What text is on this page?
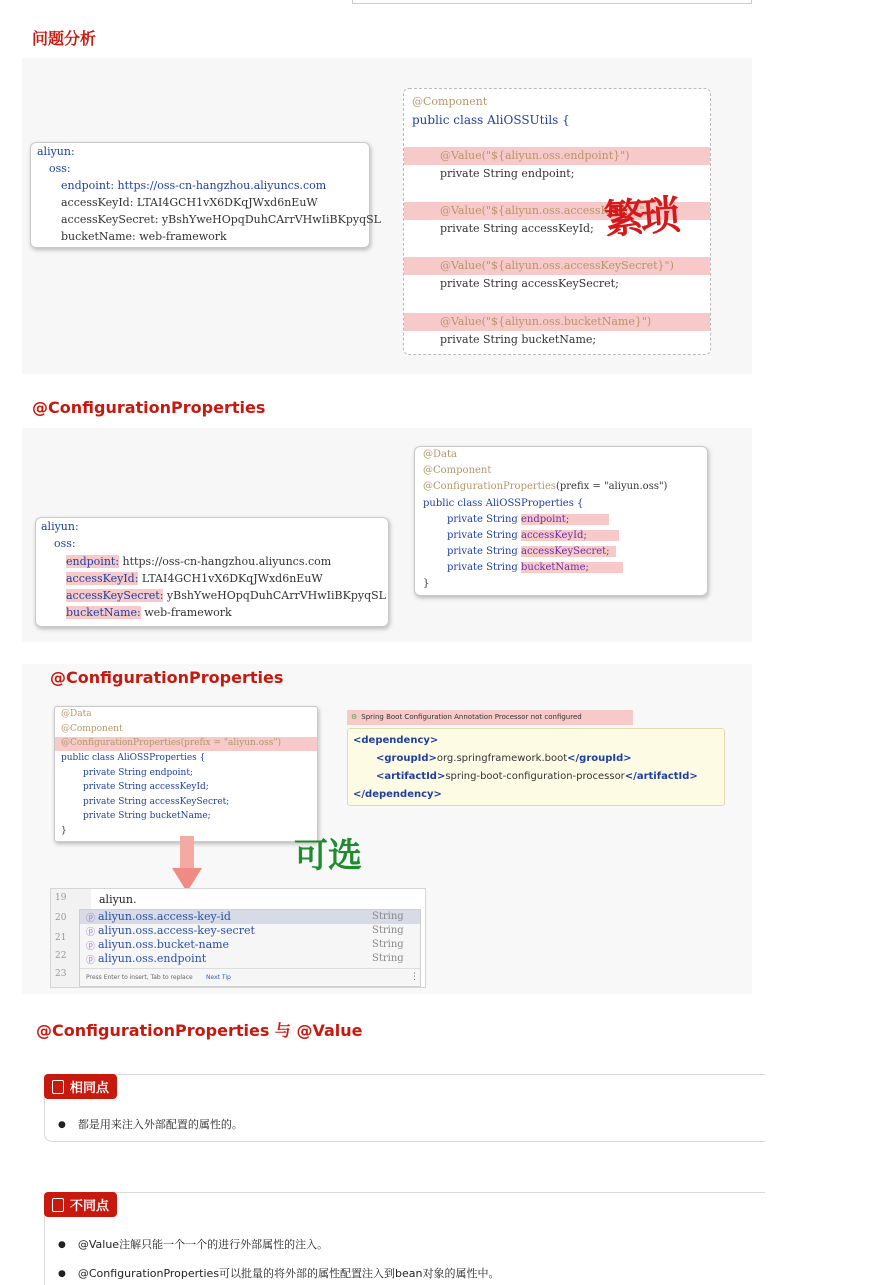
问题分析
aliyun:
oss:
endpoint: https://oss-cn-hangzhou.aliyuncs.com
accessKeyId: LTAI4GCH1vX6DKqJWxd6nEuW
accessKeySecret: yBshYweHOpqDuhCArrVHwIiBKpyqSL
bucketName: web-framework
@Component
public class AliOSSUtils {
@Value("${aliyun.oss.endpoint}")
private String endpoint;
@Value("${aliyun.oss.accessKeyId}")
private String accessKeyId;
@Value("${aliyun.oss.accessKeySecret}")
private String accessKeySecret;
@Value("${aliyun.oss.bucketName}")
private String bucketName;
繁琐
@ConfigurationProperties
aliyun:
oss:
endpoint: https://oss-cn-hangzhou.aliyuncs.com
accessKeyId: LTAI4GCH1vX6DKqJWxd6nEuW
accessKeySecret: yBshYweHOpqDuhCArrVHwIiBKpyqSL
bucketName: web-framework
@Data
@Component
@ConfigurationProperties(prefix = "aliyun.oss")
public class AliOSSProperties {
private String endpoint;
private String accessKeyId;
private String accessKeySecret;
private String bucketName;
}
@ConfigurationProperties
@Data
@Component
@ConfigurationProperties(prefix = "aliyun.oss")
public class AliOSSProperties {
private String endpoint;
private String accessKeyId;
private String accessKeySecret;
private String bucketName;
}
可选
⚙ Spring Boot Configuration Annotation Processor not configured
<dependency>
<groupId>org.springframework.boot</groupId>
<artifactId>spring-boot-configuration-processor</artifactId>
</dependency>
19
20
21
22
23
aliyun.
ⓟ aliyun.oss.access-key-id	String
ⓟ aliyun.oss.access-key-secret	String
ⓟ aliyun.oss.bucket-name	String
ⓟ aliyun.oss.endpoint	String
Press Enter to insert, Tab to replace Next Tip	⋮
@ConfigurationProperties 与 @Value
相同点
● 都是用来注入外部配置的属性的。
不同点
● @Value注解只能一个一个的进行外部属性的注入。
● @ConfigurationProperties可以批量的将外部的属性配置注入到bean对象的属性中。
